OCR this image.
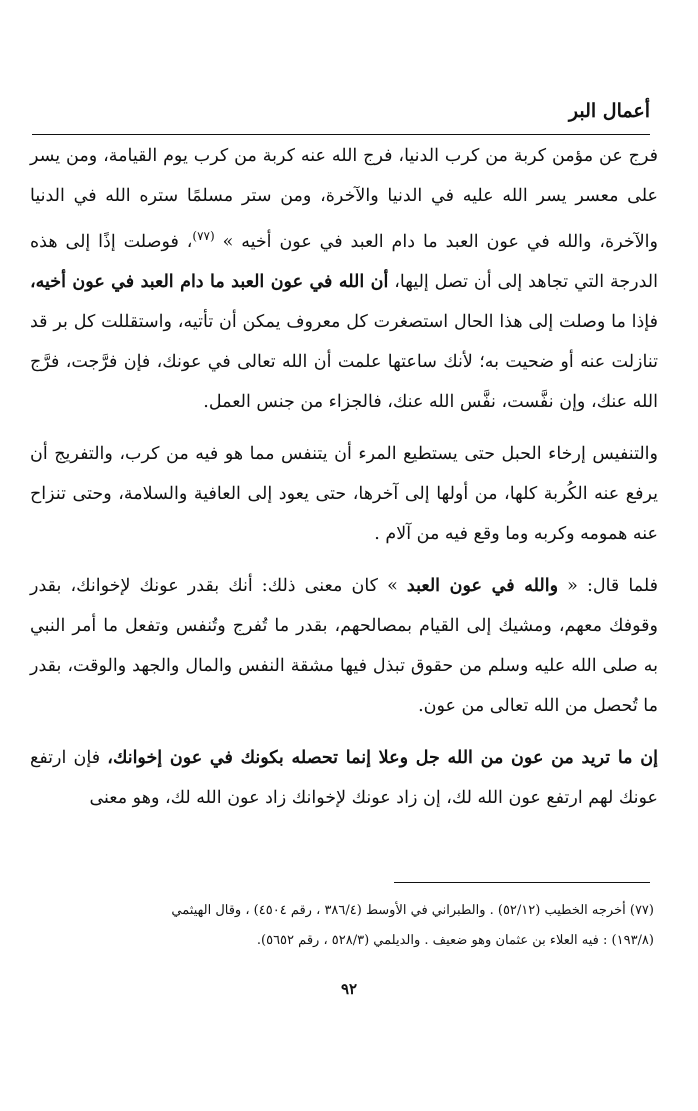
أعمال البر

فرج عن مؤمن كربة من كرب الدنيا، فرج الله عنه كربة من كرب يوم القيامة، ومن يسر على معسر يسر الله عليه في الدنيا والآخرة، ومن ستر مسلمًا ستره الله في الدنيا والآخرة، والله في عون العبد ما دام العبد في عون أخيه » $^{(٧٧)}$، فوصلت إذًا إلى هذه الدرجة التي تجاهد إلى أن تصل إليها، أن الله في عون العبد ما دام العبد في عون أخيه، فإذا ما وصلت إلى هذا الحال استصغرت كل معروف يمكن أن تأتيه، واستقللت كل بر قد تنازلت عنه أو ضحيت به؛ لأنك ساعتها علمت أن الله تعالى في عونك، فإن فرَّجت، فرَّج الله عنك، وإن نفَّست، نفَّس الله عنك، فالجزاء من جنس العمل.

والتنفيس إرخاء الحبل حتى يستطيع المرء أن يتنفس مما هو فيه من كرب، والتفريج أن يرفع عنه الكُربة كلها، من أولها إلى آخرها، حتى يعود إلى العافية والسلامة، وحتى تنزاح عنه همومه وكربه وما وقع فيه من آلام .

فلما قال: « والله في عون العبد » كان معنى ذلك: أنك بقدر عونك لإخوانك، بقدر وقوفك معهم، ومشيك إلى القيام بمصالحهم، بقدر ما تُفرج وتُنفس وتفعل ما أمر النبي به صلى الله عليه وسلم من حقوق تبذل فيها مشقة النفس والمال والجهد والوقت، بقدر ما تُحصل من الله تعالى من عون.

إن ما تريد من عون من الله جل وعلا إنما تحصله بكونك في عون إخوانك، فإن ارتفع عونك لهم ارتفع عون الله لك، إن زاد عونك لإخوانك زاد عون الله لك، وهو معنى

(٧٧) أخرجه الخطيب (٥٢/١٢) . والطبراني في الأوسط (٣٨٦/٤ ، رقم ٤٥٠٤) ، وقال الهيثمي

(١٩٣/٨) : فيه العلاء بن عثمان وهو ضعيف . والديلمي (٥٢٨/٣ ، رقم ٥٦٥٢).

٩٢
